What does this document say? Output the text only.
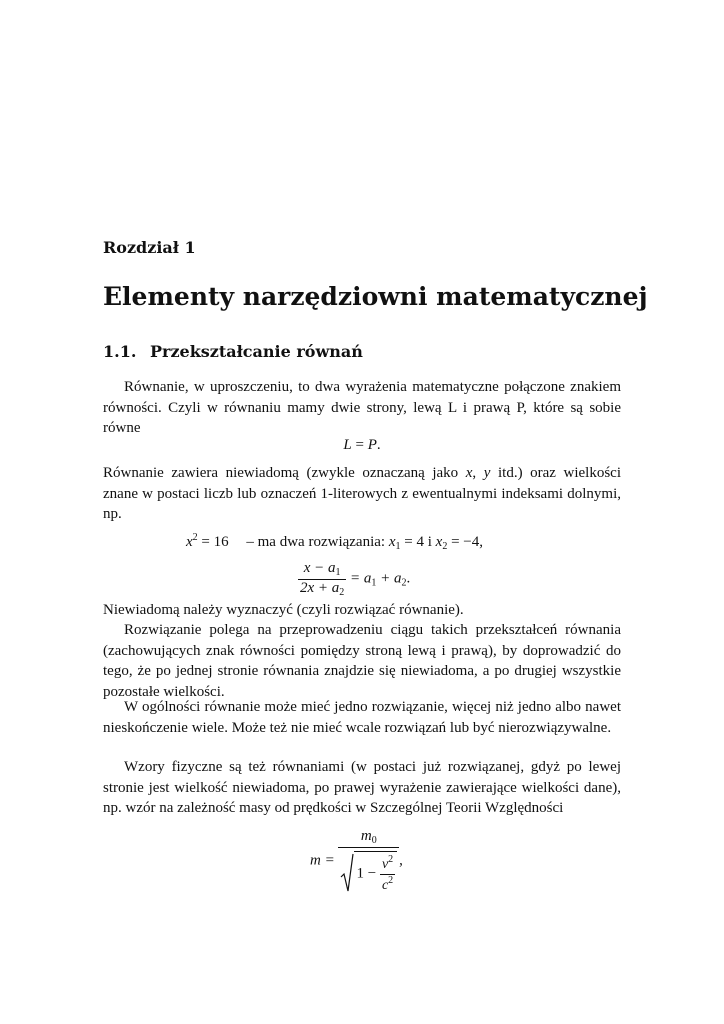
Rozdział 1
Elementy narzędziowni matematycznej
1.1. Przekształcanie równań
Równanie, w uproszczeniu, to dwa wyrażenia matematyczne połączone znakiem równości. Czyli w równaniu mamy dwie strony, lewą L i prawą P, które są sobie równe
L = P.
Równanie zawiera niewiadomą (zwykle oznaczaną jako x, y itd.) oraz wielkości znane w postaci liczb lub oznaczeń 1-literowych z ewentualnymi indeksami dolnymi, np.
$x^2 = 16$ – ma dwa rozwiązania: $x_1 = 4$ i $x_2 = -4$,
$\frac{x - a_1}{2x + a_2} = a_1 + a_2$.
Niewiadomą należy wyznaczyć (czyli rozwiązać równanie).
Rozwiązanie polega na przeprowadzeniu ciągu takich przekształceń równania (zachowujących znak równości pomiędzy stroną lewą i prawą), by doprowadzić do tego, że po jednej stronie równania znajdzie się niewiadoma, a po drugiej wszystkie pozostałe wielkości.
W ogólności równanie może mieć jedno rozwiązanie, więcej niż jedno albo nawet nieskończenie wiele. Może też nie mieć wcale rozwiązań lub być nierozwiązywalne.
Wzory fizyczne są też równaniami (w postaci już rozwiązanej, gdyż po lewej stronie jest wielkość niewiadoma, po prawej wyrażenie zawierające wielkości dane), np. wzór na zależność masy od prędkości w Szczególnej Teorii Względności
$m = \frac{m_0}{1 - \frac{v^2}{c^2}}$ ,
